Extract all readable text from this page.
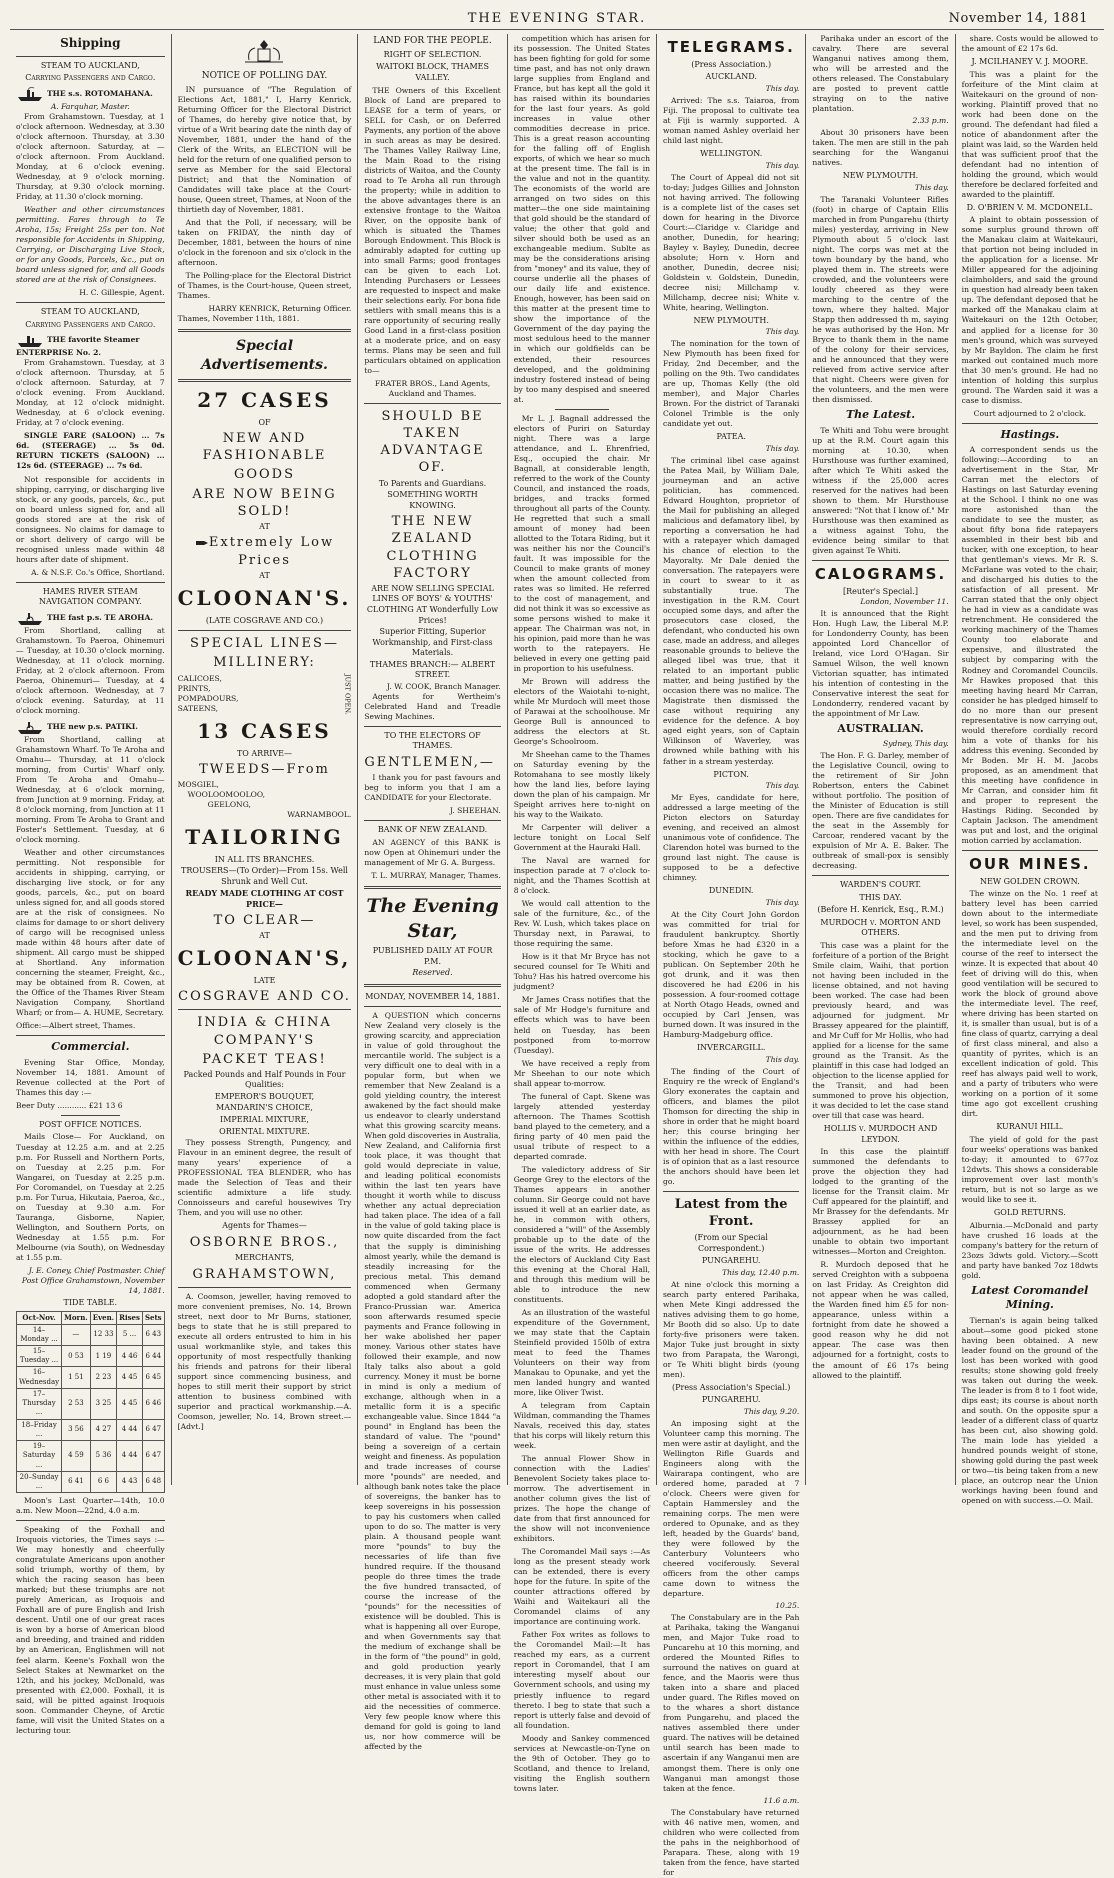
THE EVENING STAR.	November 14, 1881
Shipping
STEAM TO AUCKLAND,
Carrying Passengers and Cargo.
THE s.s. ROTOMAHANA.
A. Farquhar, Master.

From Grahamstown. Tuesday, at 1 o'clock afternoon. Wednesday, at 3.30 o'clock afternoon. Thursday, at 3.30 o'clock afternoon. Saturday, at — o'clock afternoon. From Auckland. Monday, at 6 o'clock evening. Wednesday, at 9 o'clock morning. Thursday, at 9.30 o'clock morning. Friday, at 11.30 o'clock morning.

Weather and other circumstances permitting. Fares through to Te Aroha, 15s; Freight 25s per ton. Not responsible for Accidents in Shipping, Carrying, or Discharging Live Stock, or for any Goods, Parcels, &c., put on board unless signed for, and all Goods stored are at the risk of Consignees.

H. C. Gillespie, Agent.
STEAM TO AUCKLAND,
Carrying Passengers and Cargo.
THE favorite Steamer ENTERPRISE No. 2.

From Grahamstown. Tuesday, at 3 o'clock afternoon. Thursday, at 5 o'clock afternoon. Saturday, at 7 o'clock evening. From Auckland. Monday, at 12 o'clock midnight. Wednesday, at 6 o'clock evening. Friday, at 7 o'clock evening.

SINGLE FARE (SALOON) ... 7s 6d. (STEERAGE) ... 5s 0d. RETURN TICKETS (SALOON) ... 12s 6d. (STEERAGE) ... 7s 6d.

Not responsible for accidents in shipping, carrying, or discharging live stock, or any goods, parcels, &c., put on board unless signed for, and all goods stored are at the risk of consignees. No claims for damage to or short delivery of cargo will be recognised unless made within 48 hours after date of shipment.

A. & N.S.F. Co.'s Office, Shortland.
HAMES RIVER STEAM NAVIGATION COMPANY.
THE fast p.s. TE AROHA.

From Shortland, calling at Grahamstown. To Paeroa, Ohinemuri— Tuesday, at 10.30 o'clock morning. Wednesday, at 11 o'clock morning. Friday, at 2 o'clock afternoon. From Paeroa, Ohinemuri— Tuesday, at 4 o'clock afternoon. Wednesday, at 7 o'clock evening. Saturday, at 11 o'clock morning.

THE new p.s. PATIKI.

From Shortland, calling at Grahamstown Wharf. To Te Aroha and Omahu— Thursday, at 11 o'clock morning, from Curtis' Wharf only. From Te Aroha and Omahu— Wednesday, at 6 o'clock morning, from Junction at 9 morning. Friday, at 8 o'clock morning, from Junction at 11 morning. From Te Aroha to Grant and Foster's Settlement. Tuesday, at 6 o'clock morning.

Weather and other circumstances permitting. Not responsible for accidents in shipping, carrying, or discharging live stock, or for any goods, parcels, &c., put on board unless signed for, and all goods stored are at the risk of consignees. No claims for damage to or short delivery of cargo will be recognised unless made within 48 hours after date of shipment. All cargo must be shipped at Shortland. Any information concerning the steamer, Freight, &c., may be obtained from R. Cowen, at the Office of the Thames River Steam Navigation Company, Shortland Wharf; or from— A. HUME, Secretary.

Office:—Albert street, Thames.
Commercial.

Evening Star Office, Monday, November 14, 1881. Amount of Revenue collected at the Port of Thames this day :—

Beer Duty ............ £21 13 6
POST OFFICE NOTICES.

Mails Close— For Auckland, on Tuesday at 12.25 a.m. and at 2.25 p.m. For Russell and Northern Ports, on Tuesday at 2.25 p.m. For Wangarei, on Tuesday at 2.25 p.m. For Coromandel, on Tuesday at 2.25 p.m. For Turua, Hikutaia, Paeroa, &c., on Tuesday at 9.30 a.m. For Tauranga, Gisborne, Napier, Wellington, and Southern Ports, on Wednesday at 1.55 p.m. For Melbourne (via South), on Wednesday at 1.55 p.m.

J. E. Coney, Chief Postmaster. Chief Post Office Grahamstown, November 14, 1881.
TIDE TABLE.
Oct-Nov.	Morn.	Even.	Rises	Sets
14–Monday ...	—	12 33	5 ...	6 43
15–Tuesday ...	0 53	1 19	4 46	6 44
16–Wednesday	1 51	2 23	4 45	6 45
17–Thursday ...	2 53	3 25	4 45	6 46
18–Friday ...	3 56	4 27	4 44	6 47
19–Saturday ...	4 59	5 36	4 44	6 47
20–Sunday ...	6 41	6 6	4 43	6 48

Moon's Last Quarter—14th, 10.0 a.m. New Moon—22nd, 4.0 a.m.

Speaking of the Foxhall and Iroquois victories, the Times says :—We may honestly and cheerfully congratulate Americans upon another solid triumph, worthy of them, by which the racing season has been marked; but these triumphs are not purely American, as Iroquois and Foxhall are of pure English and Irish descent. Until one of our great races is won by a horse of American blood and breeding, and trained and ridden by an American, Englishmen will not feel alarm. Keene's Foxhall won the Select Stakes at Newmarket on the 12th, and his jockey, McDonald, was presented with £2,000. Foxhall, it is said, will be pitted against Iroquois soon. Commander Cheyne, of Arctic fame, will visit the United States on a lecturing tour.

NOTICE OF POLLING DAY.

IN pursuance of "The Regulation of Elections Act, 1881," I, Harry Kenrick, Returning Officer for the Electoral District of Thames, do hereby give notice that, by virtue of a Writ bearing date the ninth day of November, 1881, under the hand of the Clerk of the Writs, an ELECTION will be held for the return of one qualified person to serve as Member for the said Electoral District; and that the Nomination of Candidates will take place at the Court-house, Queen street, Thames, at Noon of the thirtieth day of November, 1881.

And that the Poll, if necessary, will be taken on FRIDAY, the ninth day of December, 1881, between the hours of nine o'clock in the forenoon and six o'clock in the afternoon.

The Polling-place for the Electoral District of Thames, is the Court-house, Queen street, Thames.

HARRY KENRICK, Returning Officer.
Thames, November 11th, 1881.
Special Advertisements.
27 CASES
OF
NEW AND FASHIONABLE
GOODS
ARE NOW BEING SOLD!
AT
Extremely Low Prices
AT
CLOONAN'S.
(LATE COSGRAVE AND CO.)
SPECIAL LINES—
MILLINERY:
CALICOES,
PRINTS,
POMPADOURS,
SATEENS,	JUST OPEN.
13 CASES
TO ARRIVE—
TWEEDS—From
MOSGIEL,
WOOLOOMOOLOO,
GEELONG,
WARNAMBOOL.
TAILORING
IN ALL ITS BRANCHES.
TROUSERS—(To Order)—From 15s. Well Shrunk and Well Cut.
READY MADE CLOTHING AT COST PRICE—
TO CLEAR—
AT
CLOONAN'S,
LATE
COSGRAVE AND CO.
INDIA & CHINA COMPANY'S
PACKET TEAS!
Packed Pounds and Half Pounds in Four Qualities:
EMPEROR'S BOUQUET,
MANDARIN'S CHOICE,
IMPERIAL MIXTURE,
ORIENTAL MIXTURE.

They possess Strength, Pungency, and Flavour in an eminent degree, the result of many years' experience of a PROFESSIONAL TEA BLENDER, who has made the Selection of Teas and their scientific admixture a life study. Connoisseurs and careful housewives Try Them, and you will use no other.

Agents for Thames—
OSBORNE BROS.,
MERCHANTS,
GRAHAMSTOWN,

A. Coomson, jeweller, having removed to more convenient premises, No. 14, Brown street, next door to Mr Burns, stationer, begs to state that he is still prepared to execute all orders entrusted to him in his usual workmanlike style, and takes this opportunity of most respectfully thanking his friends and patrons for their liberal support since commencing business, and hopes to still merit their support by strict attention to business combined with superior and practical workmanship.—A. Coomson, jeweller, No. 14, Brown street.—[Advt.]

LAND FOR THE PEOPLE.
RIGHT OF SELECTION.
WAITOKI BLOCK, THAMES VALLEY.

THE Owners of this Excellent Block of Land are prepared to LEASE for a term of years, or SELL for Cash, or on Deferred Payments, any portion of the above in such areas as may be desired. The Thames Valley Railway Line, the Main Road to the rising districts of Waitoa, and the County road to Te Aroha all run through the property; while in addition to the above advantages there is an extensive frontage to the Waitoa River, on the opposite bank of which is situated the Thames Borough Endowment. This Block is admirably adapted for cutting up into small Farms; good frontages can be given to each Lot. Intending Purchasers or Lessees are requested to inspect and make their selections early. For bona fide settlers with small means this is a rare opportunity of securing really Good Land in a first-class position at a moderate price, and on easy terms. Plans may be seen and full particulars obtained on application to—

FRATER BROS., Land Agents, Auckland and Thames.
SHOULD BE TAKEN ADVANTAGE OF.
To Parents and Guardians.
SOMETHING WORTH KNOWING.
THE NEW ZEALAND CLOTHING FACTORY
ARE NOW SELLING SPECIAL LINES OF BOYS' & YOUTHS' CLOTHING AT Wonderfully Low Prices!
Superior Fitting, Superior Workmanship, and First-class Materials.
THAMES BRANCH:— ALBERT STREET.
J. W. COOK, Branch Manager.

Agents for Wertheim's Celebrated Hand and Treadle Sewing Machines.

TO THE ELECTORS OF THAMES.
GENTLEMEN,—

I thank you for past favours and beg to inform you that I am a CANDIDATE for your Electorate.

J. SHEEHAN.
BANK OF NEW ZEALAND.

AN AGENCY of this BANK is now Open at Ohinemuri under the management of Mr G. A. Burgess.

T. L. MURRAY, Manager, Thames.
The Evening Star,
PUBLISHED DAILY AT FOUR P.M.
Reserved.
MONDAY, NOVEMBER 14, 1881.

A QUESTION which concerns New Zealand very closely is the growing scarcity, and appreciation in value of gold throughout the mercantile world. The subject is a very difficult one to deal with in a popular form, but when we remember that New Zealand is a gold yielding country, the interest awakened by the fact should make us endeavor to clearly understand what this growing scarcity means. When gold discoveries in Australia, New Zealand, and California first took place, it was thought that gold would depreciate in value, and leading political economists within the last ten years have thought it worth while to discuss whether any actual depreciation had taken place. The idea of a fall in the value of gold taking place is now quite discarded from the fact that the supply is diminishing almost yearly, while the demand is steadily increasing for the precious metal. This demand commenced when Germany adopted a gold standard after the Franco-Prussian war. America soon afterwards resumed specie payments and France following in her wake abolished her paper money. Various other states have followed their example, and now Italy talks also about a gold currency. Money it must be borne in mind is only a medium of exchange, although when in a metallic form it is a specific exchangeable value. Since 1844 "a pound" in England has been the standard of value. The "pound" being a sovereign of a certain weight and fineness. As population and trade increases of course more "pounds" are needed, and although bank notes take the place of sovereigns, the banker has to keep sovereigns in his possession to pay his customers when called upon to do so. The matter is very plain. A thousand people want more "pounds" to buy the necessaries of life than five hundred require. If the thousand people do three times the trade the five hundred transacted, of course the increase of the "pounds" for the necessities of existence will be doubled. This is what is happening all over Europe, and when Governments say that the medium of exchange shall be in the form of "the pound" in gold, and gold production yearly decreases, it is very plain that gold must enhance in value unless some other metal is associated with it to aid the necessities of commerce. Very few people know where this demand for gold is going to land us, nor how commerce will be affected by the

competition which has arisen for its possession. The United States has been fighting for gold for some time past, and has not only drawn large supplies from England and France, but has kept all the gold it has raised within its boundaries for the last four years. As gold increases in value other commodities decrease in price. This is a great reason accounting for the falling off of English exports, of which we hear so much at the present time. The fall is in the value and not in the quantity. The economists of the world are arranged on two sides on this matter—the one side maintaining that gold should be the standard of value; the other that gold and silver should both be used as an exchangeable medium. Sublte as may be the considerations arising from "money" and its value, they of course underlie all the phases of our daily life and existence. Enough, however, has been said on this matter at the present time to show the importance of the Government of the day paying the most sedulous heed to the manner in which our goldfields can be extended, their resources developed, and the goldmining industry fostered instead of being by too many despised and sneered at.

Mr L. J. Bagnall addressed the electors of Puriri on Saturday night. There was a large attendance, and L. Ehrenfried, Esq., occupied the chair. Mr Bagnall, at considerable length, referred to the work of the County Council, and instanced the roads, bridges, and tracks formed throughout all parts of the County. He regretted that such a small amount of money had been allotted to the Totara Riding, but it was neither his nor the Council's fault. It was impossible for the Council to make grants of money when the amount collected from rates was so limited. He referred to the cost of management, and did not think it was so excessive as some persons wished to make it appear. The Chairman was not, in his opinion, paid more than he was worth to the ratepayers. He believed in every one getting paid in proportion to his usefulness.

Mr Brown will address the electors of the Waiotahi to-night, while Mr Murdoch will meet those of Parawai at the schoolhouse. Mr George Bull is announced to address the electors at St. George's Schoolroom.

Mr Sheehan came to the Thames on Saturday evening by the Rotomahana to see mostly likely how the land lies, before laying down the plan of his campaign. Mr Speight arrives here to-night on his way to the Waikato.

Mr Carpenter will deliver a lecture tonight on Local Self Government at the Hauraki Hall.

The Naval are warned for inspection parade at 7 o'clock to-night, and the Thames Scottish at 8 o'clock.

We would call attention to the sale of the furniture, &c., of the Rev. W. Lush, which takes place on Thursday next, in Parawai, to those requiring the same.

How is it that Mr Bryce has not secured counsel for Te Whiti and Tohu? Has his hatred overcome his judgment?

Mr James Crass notifies that the sale of Mr Hodge's furniture and effects which was to have been held on Tuesday, has been postponed from to-morrow (Tuesday).

We have received a reply from Mr Sheehan to our note which shall appear to-morrow.

The funeral of Capt. Skene was largely attended yesterday afternoon. The Thames Scottish band played to the cemetery, and a firing party of 40 men paid the usual tribute of respect to a departed comrade.

The valedictory address of Sir George Grey to the electors of the Thames appears in another column. Sir George could not have issued it well at an earlier date, as he, in common with others, considered a "will" of the Assembly probable up to the date of the issue of the writs. He addresses the electors of Auckland City East this evening at the Choral Hall, and through this medium will be able to introduce the new constituents.

As an illustration of the wasteful expenditure of the Government, we may state that the Captain Steinfield provided 150lb of extra meat to feed the Thames Volunteers on their way from Manakau to Opunake, and yet the men landed hungry and wanted more, like Oliver Twist.

A telegram from Captain Wildman, commanding the Thames Navals, received this day, states that his corps will likely return this week.

The annual Flower Show in connection with the Ladies' Benevolent Society takes place to-morrow. The advertisement in another column gives the list of prizes. The hope the change of date from that first announced for the show will not inconvenience exhibitors.

The Coromandel Mail says :—As long as the present steady work can be extended, there is every hope for the future. In spite of the counter attractions offered by Waihi and Waitekauri all the Coromandel claims of any importance are continuing work.

Father Fox writes as follows to the Coromandel Mail:—It has reached my ears, as a current report in Coromandel, that I am interesting myself about our Government schools, and using my priestly influence to regard thereto. I beg to state that such a report is utterly false and devoid of all foundation.

Moody and Sankey commenced services at Newcastle-on-Tyne on the 9th of October. They go to Scotland, and thence to Ireland, visiting the English southern towns later.

TELEGRAMS.
(Press Association.)
AUCKLAND.
This day.

Arrived: The s.s. Taiaroa, from Fiji. The proposal to cultivate tea at Fiji is warmly supported. A woman named Ashley overlaid her child last night.

WELLINGTON.
This day.

The Court of Appeal did not sit to-day; Judges Gillies and Johnston not having arrived. The following is a complete list of the cases set down for hearing in the Divorce Court:—Claridge v. Claridge and another, Dunedin, for hearing; Bayley v. Bayley, Dunedin, decree absolute; Horn v. Horn and another, Dunedin, decree nisi; Goldstein v. Goldstein, Dunedin, decree nisi; Millchamp v. Millchamp, decree nisi; White v. White, hearing, Wellington.

NEW PLYMOUTH.
This day.

The nomination for the town of New Plymouth has been fixed for Friday, 2nd December, and the polling on the 9th. Two candidates are up, Thomas Kelly (the old member), and Major Charles Brown. For the district of Taranaki Colonel Trimble is the only candidate yet out.

PATEA.
This day.

The criminal libel case against the Patea Mail, by William Dale, journeyman and an active politician, has commenced. Edward Houghton, proprietor of the Mail for publishing an alleged malicious and defamatory libel, by reporting a conversation he had with a ratepayer which damaged his chance of election to the Mayoralty. Mr Dale denied the conversation. The ratepayers were in court to swear to it as substantially true. The investigation in the R.M. Court occupied some days, and after the prosecutors case closed, the defendant, who conducted his own case, made an address, and alleges reasonable grounds to believe the alleged libel was true, that it related to an important public matter, and being justified by the occasion there was no malice. The Magistrate then dismissed the case without requiring any evidence for the defence. A boy aged eight years, son of Captain Wilkinson of Waverley, was drowned while bathing with his father in a stream yesterday.

PICTON.
This day.

Mr Eyes, candidate for here, addressed a large meeting of the Picton electors on Saturday evening, and received an almost unanimous vote of confidence. The Clarendon hotel was burned to the ground last night. The cause is supposed to be a defective chimney.

DUNEDIN.
This day.

At the City Court John Gordon was committed for trial for fraudulent bankruptcy. Shortly before Xmas he had £320 in a stocking, which he gave to a publican. On September 20th he got drunk, and it was then discovered he had £206 in his possession. A four-roomed cottage at North Otago Heads, owned and occupied by Carl Jensen, was burned down. It was insured in the Hamburg-Madgeburg office.

INVERCARGILL.
This day.

The finding of the Court of Enquiry re the wreck of England's Glory exonerates the captain and officers, and blames the pilot Thomson for directing the ship in shore in order that he might board her; this course bringing her within the influence of the eddies, with her head in shore. The Court is of opinion that as a last resource the anchors should have been let go.

Latest from the Front.
(From our Special Correspondent.)
PUNGAREHU.
This day, 12.40 p.m.

At nine o'clock this morning a search party entered Parihaka, when Mete Kingi addressed the natives advising them to go home, Mr Booth did so also. Up to date forty-five prisoners were taken. Major Tuke just brought in sixty two from Parapata, the Warongi, or Te Whiti blight birds (young men).

(Press Association's Special.)
PUNGAREHU.
This day, 9.20.

An imposing sight at the Volunteer camp this morning. The men were astir at daylight, and the Wellington Rifle Guards and Engineers along with the Wairarapa contingent, who are ordered home, paraded at 7 o'clock. Cheers were given for Captain Hammersley and the remaining corps. The men were ordered to Opunake, and as they left, headed by the Guards' band, they were followed by the Canterbury Volunteers who cheered vociferously. Several officers from the other camps came down to witness the departure.

10.25.

The Constabulary are in the Pah at Parihaka, taking the Wanganui men, and Major Tuke road to Puncarehu at 10 this morning, and ordered the Mounted Rifles to surround the natives on guard at fence, and the Maoris were thus taken into a share and placed under guard. The Rifles moved on to the whares a short distance from Pungarehu, and placed the natives assembled there under guard. The natives will be detained until search has been made to ascertain if any Wanganui men are amongst them. There is only one Wanganui man amongst those taken at the fence.

11.6 a.m.

The Constabulary have returned with 46 native men, women, and children who were collected from the pahs in the neighborhood of Parapara. These, along with 19 taken from the fence, have started for

Parihaka under an escort of the cavalry. There are several Wanganui natives among them, who will be arrested and the others released. The Constabulary are posted to prevent cattle straying on to the native plantation.

2.33 p.m.

About 30 prisoners have been taken. The men are still in the pah searching for the Wanganui natives.

NEW PLYMOUTH.
This day.

The Taranaki Volunteer Rifles (foot) in charge of Captain Ellis marched in from Pungarehu (thirty miles) yesterday, arriving in New Plymouth about 5 o'clock last night. The corps was met at the town boundary by the band, who played them in. The streets were crowded, and the volunteers were loudly cheered as they were marching to the centre of the town, where they halted. Major Stapp then addressed th m, saying he was authorised by the Hon. Mr Bryce to thank them in the name of the colony for their services, and he announced that they were relieved from active service after that night. Cheers were given for the volunteers, and the men were then dismissed.

The Latest.

Te Whiti and Tohu were brought up at the R.M. Court again this morning at 10.30, when Hursthouse was further examined, after which Te Whiti asked the witness if the 25,000 acres reserved for the natives had been shown to them. Mr Hursthouse answered: "Not that I know of." Mr Hursthouse was then examined as a witness against Tohu, the evidence being similar to that given against Te Whiti.

CALOGRAMS.
[Reuter's Special.]
London, November 11.

It is announced that the Right Hon. Hugh Law, the Liberal M.P. for Londonderry County, has been appointed Lord Chancellor of Ireland, vice Lord O'Hagan. Sir Samuel Wilson, the well known Victorian squatter, has intimated his intention of contesting in the Conservative interest the seat for Londonderry, rendered vacant by the appointment of Mr Law.

AUSTRALIAN.
Sydney, This day.

The Hon. F. G. Darley, member of the Legislative Council, owing to the retirement of Sir John Robertson, enters the Cabinet without portfolio. The position of the Minister of Education is still open. There are five candidates for the seat in the Assembly for Carcoar, rendered vacant by the expulsion of Mr A. E. Baker. The outbreak of small-pox is sensibly decreasing.

WARDEN'S COURT.
THIS DAY.
(Before H. Kenrick, Esq., R.M.)
MURDOCH v. MORTON AND OTHERS.

This case was a plaint for the forfeiture of a portion of the Bright Smile claim, Waihi, that portion not having been included in the license obtained, and not having been worked. The case had been previously heard, and was adjourned for judgment. Mr Brassey appeared for the plaintiff, and Mr Cuff for Mr Hollis, who had applied for a license for the same ground as the Transit. As the plaintiff in this case had lodged an objection to the license applied for the Transit, and had been summoned to prove his objection, it was decided to let the case stand over till that case was heard.

HOLLIS v. MURDOCH AND LEYDON.

In this case the plaintiff summoned the defendants to prove the objection they had lodged to the granting of the license for the Transit claim. Mr Cuff appeared for the plaintiff, and Mr Brassey for the defendants. Mr Brassey applied for an adjournment, as he had been unable to obtain two important witnesses—Morton and Creighton.

R. Murdoch deposed that he served Creighton with a subpoena on last Friday. As Creighton did not appear when he was called, the Warden fined him £5 for non-appearance, unless within a fortnight from date he showed a good reason why he did not appear. The case was then adjourned for a fortnight, costs to the amount of £6 17s being allowed to the plaintiff.

share. Costs would be allowed to the amount of £2 17s 6d.

J. MCILHANEY V. J. MOORE.

This was a plaint for the forfeiture of the Mint claim at Waitekauri on the ground of non-working. Plaintiff proved that no work had been done on the ground. The defendant had filed a notice of abandonment after the plaint was laid, so the Warden held that was sufficient proof that the defendant had no intention of holding the ground, which would therefore be declared forfeited and awarded to the plaintiff.

D. O'BRIEN V. M. MCDONELL.

A plaint to obtain possession of some surplus ground thrown off the Manakau claim at Waitekauri, that portion not being included in the application for a license. Mr Miller appeared for the adjoining claimholders, and said the ground in question had already been taken up. The defendant deposed that he marked off the Manakau claim at Waitekauri on the 12th October, and applied for a license for 30 men's ground, which was surveyed by Mr Bayldon. The claim he first marked out contained much more that 30 men's ground. He had no intention of holding this surplus ground. The Warden said it was a case to dismiss.

Court adjourned to 2 o'clock.
Hastings.

A correspondent sends us the following:—According to an advertisement in the Star, Mr Carran met the electors of Hastings on last Saturday evening at the School. I think no one was more astonished than the candidate to see the muster, as about fifty bona fide ratepayers assembled in their best bib and tucker, with one exception, to hear that gentleman's views. Mr R. S. McFarlane was voted to the chair, and discharged his duties to the satisfaction of all present. Mr Carran stated that the only object he had in view as a candidate was retrenchment. He considered the working machinery of the Thames County too elaborate and expensive, and illustrated the subject by comparing with the Rodney and Coromandel Councils. Mr Hawkes proposed that this meeting having heard Mr Carran, consider he has pledged himself to do no more than our present representative is now carrying out, would therefore cordially record him a vote of thanks for his address this evening. Seconded by Mr Boden. Mr H. M. Jacobs proposed, as an amendment that this meeting have confidence in Mr Carran, and consider him fit and proper to represent the Hastings Riding. Seconded by Captain Jackson. The amendment was put and lost, and the original motion carried by acclamation.

OUR MINES.
NEW GOLDEN CROWN.

The winze on the No. 1 reef at battery level has been carried down about to the intermediate level, so work has been suspended, and the men put to driving from the intermediate level on the course of the reef to intersect the winze. It is expected that about 40 feet of driving will do this, when good ventilation will be secured to work the block of ground above the intermediate level. The reef, where driving has been started on it, is smaller than usual, but is of a fine class of quartz, carrying a deal of first class mineral, and also a quantity of pyrites, which is an excellent indication of gold. This reef has always paid well to work, and a party of tributers who were working on a portion of it some time ago got excellent crushing dirt.

KURANUI HILL.

The yield of gold for the past four weeks' operations was banked to-day; it amounted to 677oz 12dwts. This shows a considerable improvement over last month's return, but is not so large as we would like to see it.

GOLD RETURNS.

Alburnia.—McDonald and party have crushed 16 loads at the company's battery for the return of 23ozs 3dwts gold. Victory.—Scott and party have banked 7oz 18dwts gold.

Latest Coromandel Mining.

Tiernan's is again being talked about—some good picked stone having been obtained. A new leader found on the ground of the lost has been worked with good results; stone showing gold freely was taken out during the week. The leader is from 8 to 1 foot wide, dips east; its course is about north and south. On the opposite spur a leader of a different class of quartz has been cut, also showing gold. The main lode has yielded a hundred pounds weight of stone, showing gold during the past week or two—tis being taken from a new place, an outcrop near the Union workings having been found and opened on with success.—O. Mail.
